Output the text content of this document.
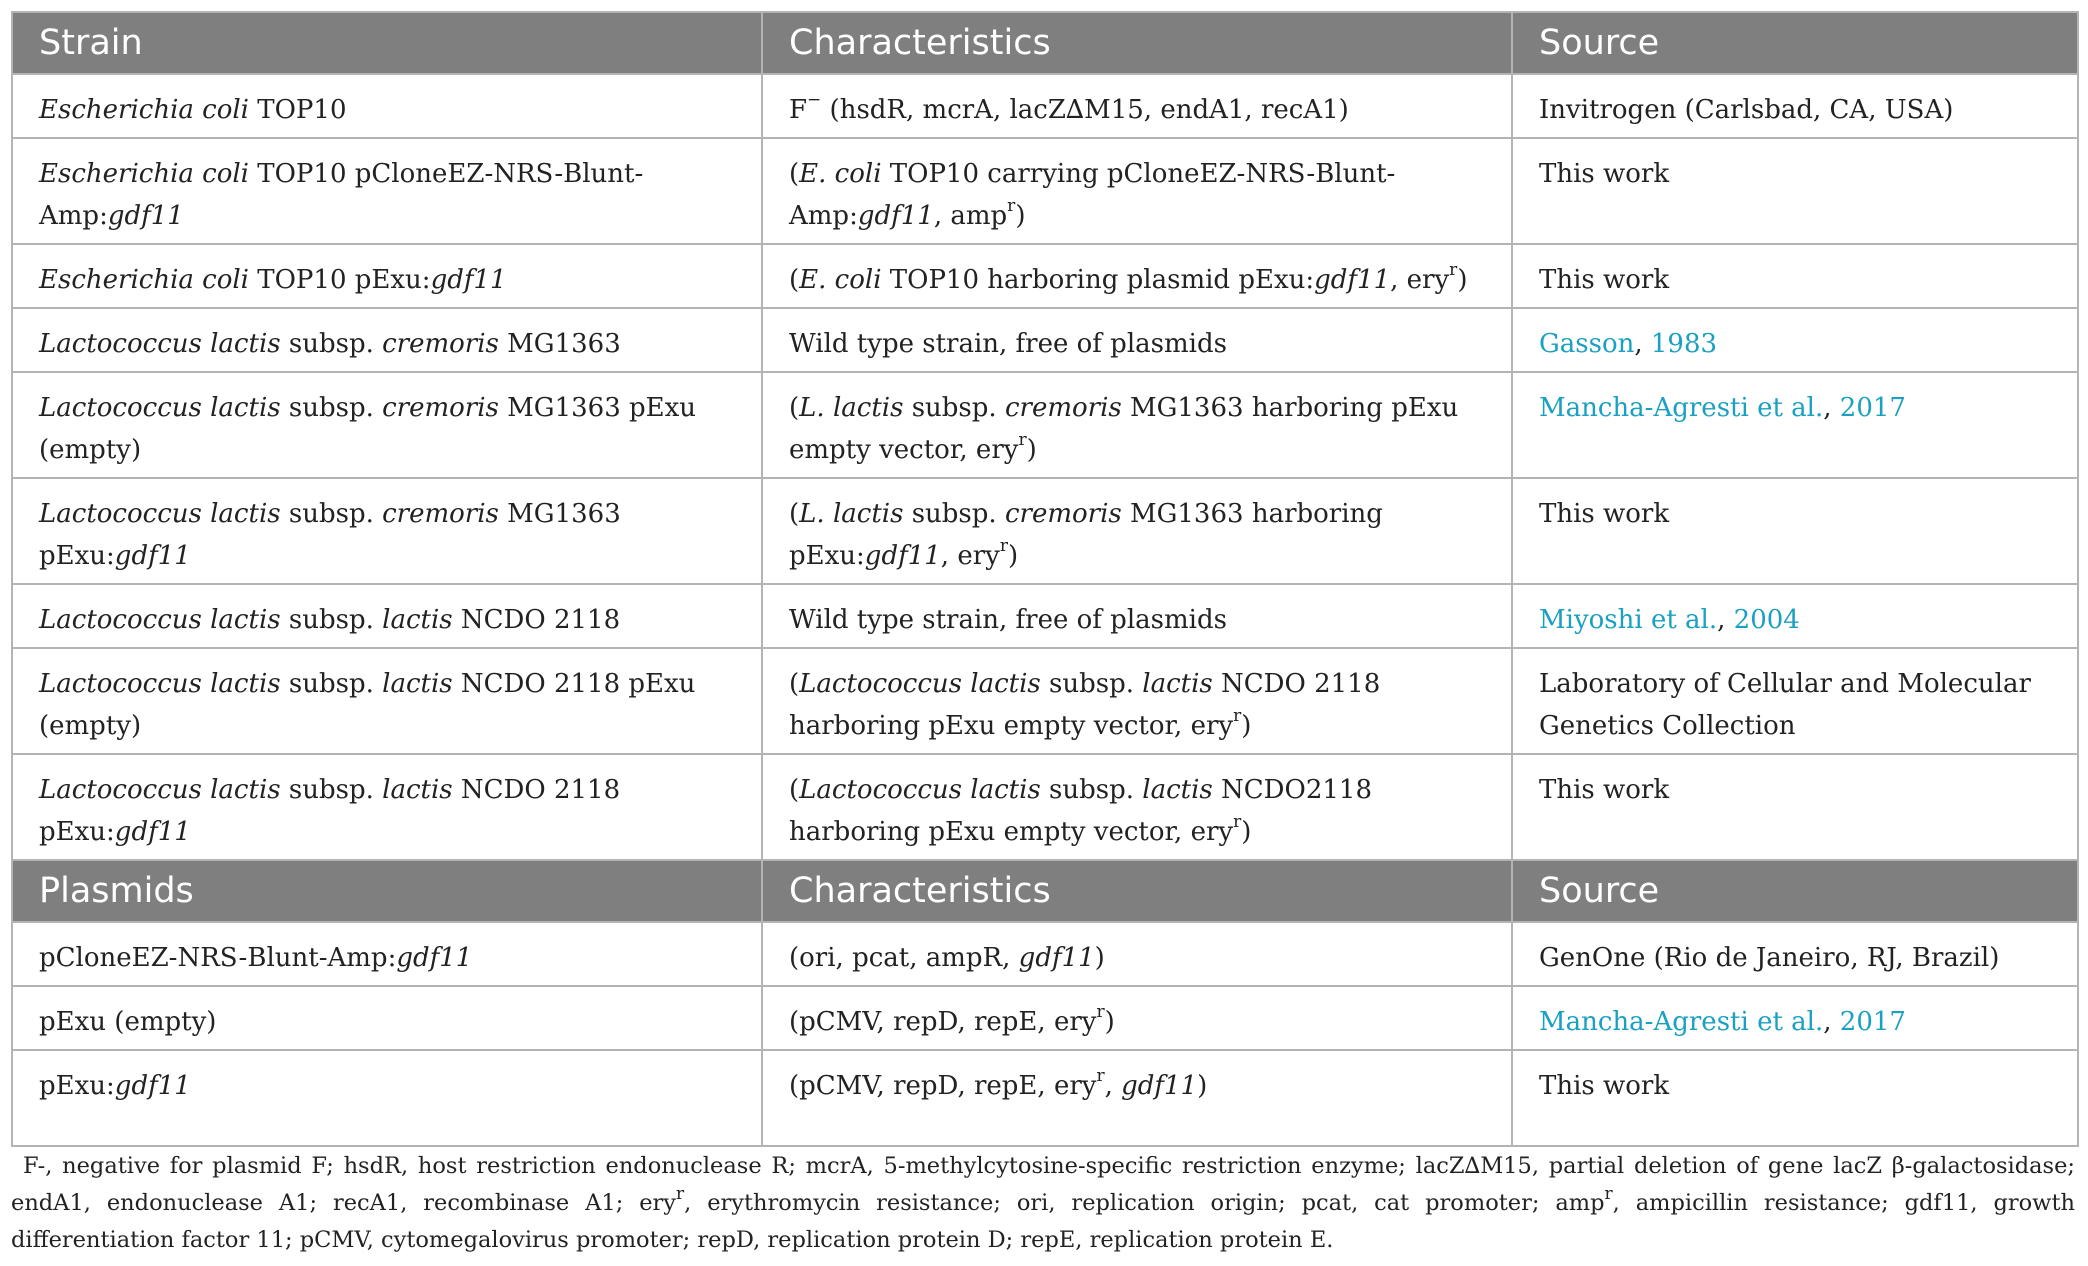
Strain	Characteristics	Source
Escherichia coli TOP10	F− (hsdR, mcrA, lacZ∆M15, endA1, recA1)	Invitrogen (Carlsbad, CA, USA)
Escherichia coli TOP10 pCloneEZ-NRS-Blunt-Amp:gdf11	(E. coli TOP10 carrying pCloneEZ-NRS-Blunt-Amp:gdf11, amp$^r$)	This work
Escherichia coli TOP10 pExu:gdf11	(E. coli TOP10 harboring plasmid pExu:gdf11, ery$^r$)	This work
Lactococcus lactis subsp. cremoris MG1363	Wild type strain, free of plasmids	Gasson, 1983
Lactococcus lactis subsp. cremoris MG1363 pExu (empty)	(L. lactis subsp. cremoris MG1363 harboring pExu empty vector, ery$^r$)	Mancha-Agresti et al., 2017
Lactococcus lactis subsp. cremoris MG1363 pExu:gdf11	(L. lactis subsp. cremoris MG1363 harboring pExu:gdf11, ery$^r$)	This work
Lactococcus lactis subsp. lactis NCDO 2118	Wild type strain, free of plasmids	Miyoshi et al., 2004
Lactococcus lactis subsp. lactis NCDO 2118 pExu (empty)	(Lactococcus lactis subsp. lactis NCDO 2118 harboring pExu empty vector, ery$^r$)	Laboratory of Cellular and Molecular Genetics Collection
Lactococcus lactis subsp. lactis NCDO 2118 pExu:gdf11	(Lactococcus lactis subsp. lactis NCDO2118 harboring pExu empty vector, ery$^r$)	This work
Plasmids	Characteristics	Source
pCloneEZ-NRS-Blunt-Amp:gdf11	(ori, pcat, ampR, gdf11)	GenOne (Rio de Janeiro, RJ, Brazil)
pExu (empty)	(pCMV, repD, repE, ery$^r$)	Mancha-Agresti et al., 2017
pExu:gdf11	(pCMV, repD, repE, ery$^r$, gdf11)	This work
F-, negative for plasmid F; hsdR, host restriction endonuclease R; mcrA, 5-methylcytosine-specific restriction enzyme; lacZ∆M15, partial deletion of gene lacZ β-galactosidase; endA1, endonuclease A1; recA1, recombinase A1; ery$^r$, erythromycin resistance; ori, replication origin; pcat, cat promoter; amp$^r$, ampicillin resistance; gdf11, growth differentiation factor 11; pCMV, cytomegalovirus promoter; repD, replication protein D; repE, replication protein E.
